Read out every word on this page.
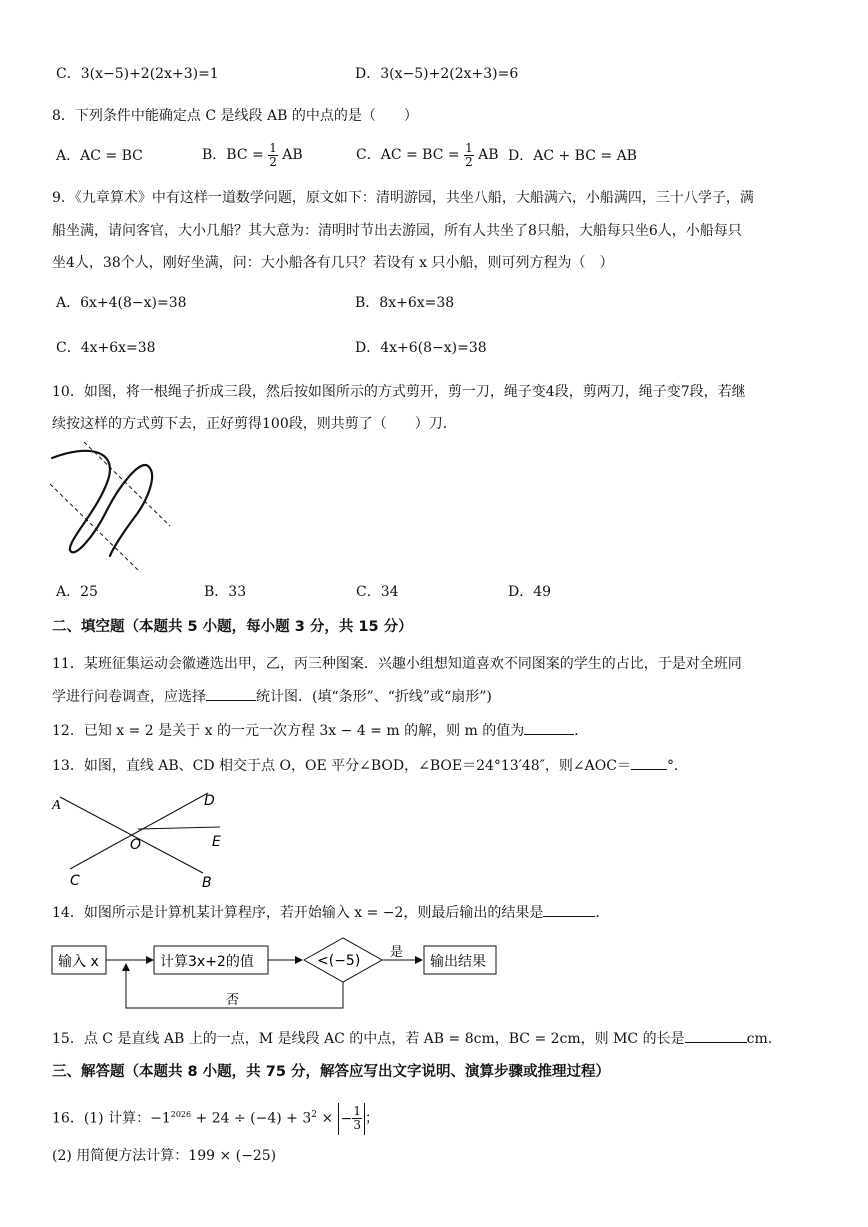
C．3(x−5)+2(2x+3)=1	D．3(x−5)+2(2x+3)=6
8．下列条件中能确定点 C 是线段 AB 的中点的是（　　）
A．AC = BC	B．BC = $\frac{1}{2}$ AB	C．AC = BC = $\frac{1}{2}$ AB D．AC + BC = AB
9．《九章算术》中有这样一道数学问题，原文如下：清明游园，共坐八船，大船满六，小船满四，三十八学子，满
船坐满，请问客官，大小几船？其大意为：清明时节出去游园，所有人共坐了8只船，大船每只坐6人，小船每只
坐4人，38个人，刚好坐满，问：大小船各有几只？若设有 x 只小船，则可列方程为（　）
A．6x+4(8−x)=38	B．8x+6x=38
C．4x+6x=38	D．4x+6(8−x)=38
10．如图，将一根绳子折成三段，然后按如图所示的方式剪开，剪一刀，绳子变4段，剪两刀，绳子变7段，若继
续按这样的方式剪下去，正好剪得100段，则共剪了（　　）刀．
A．25	B．33	C．34	D．49
二、填空题（本题共 5 小题，每小题 3 分，共 15 分）
11．某班征集运动会徽遴选出甲，乙，丙三种图案．兴趣小组想知道喜欢不同图案的学生的占比，于是对全班同
学进行问卷调查，应选择	统计图．(填“条形”、“折线”或“扇形”)
12．已知 x = 2 是关于 x 的一元一次方程 3x − 4 = m 的解，则 m 的值为	．
13．如图，直线 AB、CD 相交于点 O，OE 平分∠BOD，∠BOE＝24°13′48″，则∠AOC＝	°．
A	D
E
O
C	B
14．如图所示是计算机某计算程序，若开始输入 x = −2，则最后输出的结果是	．
输入 x	计算3x+2的值	<(−5)
是
输出结果
否
15．点 C 是直线 AB 上的一点，M 是线段 AC 的中点，若 AB = 8cm，BC = 2cm，则 MC 的长是	cm.
三、解答题（本题共 8 小题，共 75 分，解答应写出文字说明、演算步骤或推理过程）
16．(1) 计算：$-1^{2026} + 24 \div (-4) + 3^2$ × − $\frac{1}{3}$ ；
(2) 用简便方法计算：199 × (−25)
